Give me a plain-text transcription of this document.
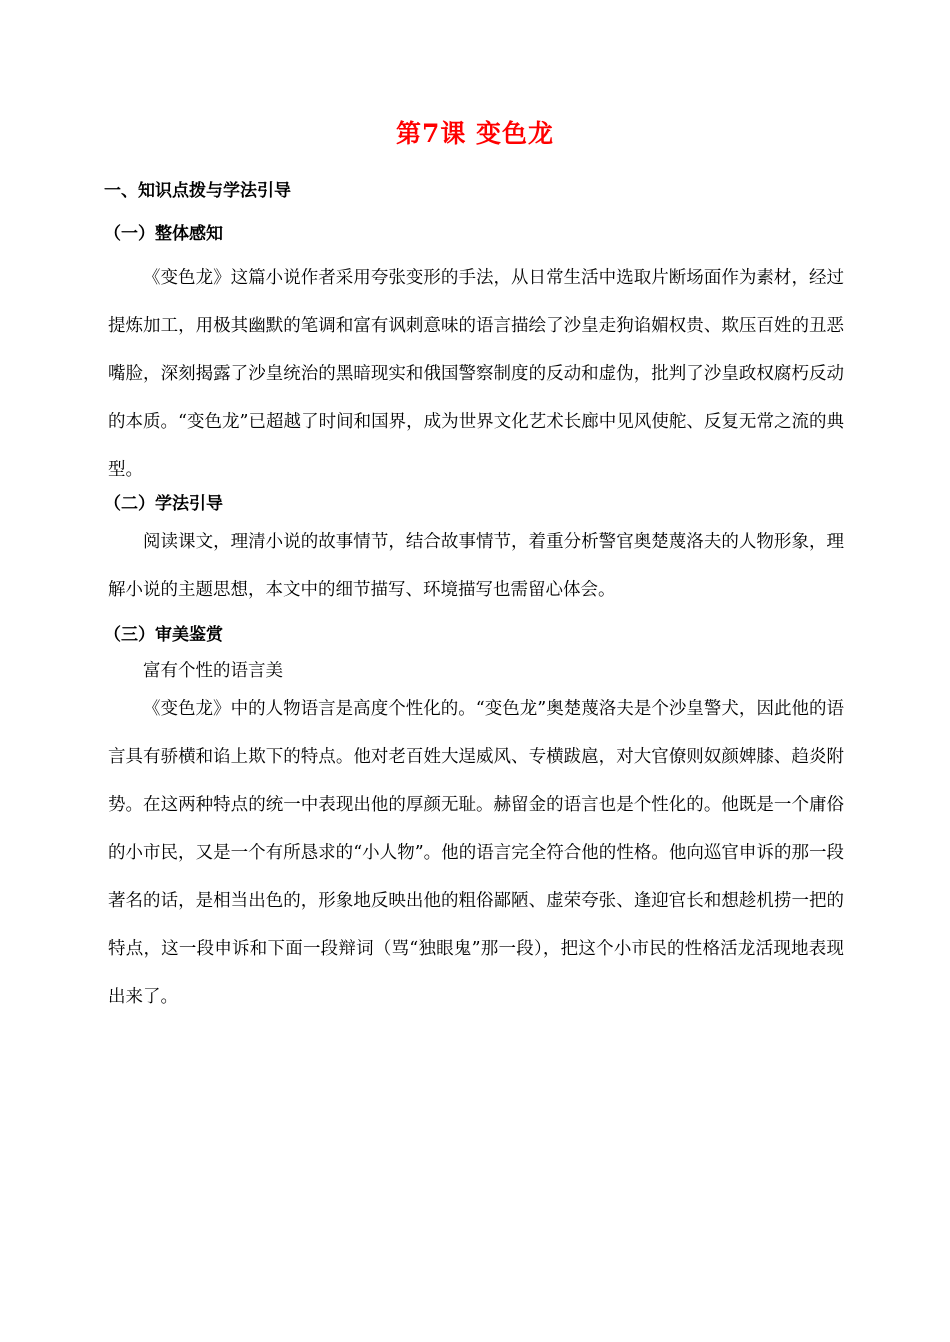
第7课 变色龙
一、知识点拨与学法引导
（一）整体感知

《变色龙》这篇小说作者采用夸张变形的手法，从日常生活中选取片断场面作为素材，经过提炼加工，用极其幽默的笔调和富有讽刺意味的语言描绘了沙皇走狗谄媚权贵、欺压百姓的丑恶嘴脸，深刻揭露了沙皇统治的黑暗现实和俄国警察制度的反动和虚伪，批判了沙皇政权腐朽反动的本质。“变色龙”已超越了时间和国界，成为世界文化艺术长廊中见风使舵、反复无常之流的典型。

（二）学法引导

阅读课文，理清小说的故事情节，结合故事情节，着重分析警官奥楚蔑洛夫的人物形象，理解小说的主题思想，本文中的细节描写、环境描写也需留心体会。

（三）审美鉴赏
富有个性的语言美

《变色龙》中的人物语言是高度个性化的。“变色龙”奥楚蔑洛夫是个沙皇警犬，因此他的语言具有骄横和谄上欺下的特点。他对老百姓大逞威风、专横跋扈，对大官僚则奴颜婢膝、趋炎附势。在这两种特点的统一中表现出他的厚颜无耻。赫留金的语言也是个性化的。他既是一个庸俗的小市民，又是一个有所恳求的“小人物”。他的语言完全符合他的性格。他向巡官申诉的那一段著名的话，是相当出色的，形象地反映出他的粗俗鄙陋、虚荣夸张、逢迎官长和想趁机捞一把的特点，这一段申诉和下面一段辩词（骂“独眼鬼”那一段），把这个小市民的性格活龙活现地表现出来了。
